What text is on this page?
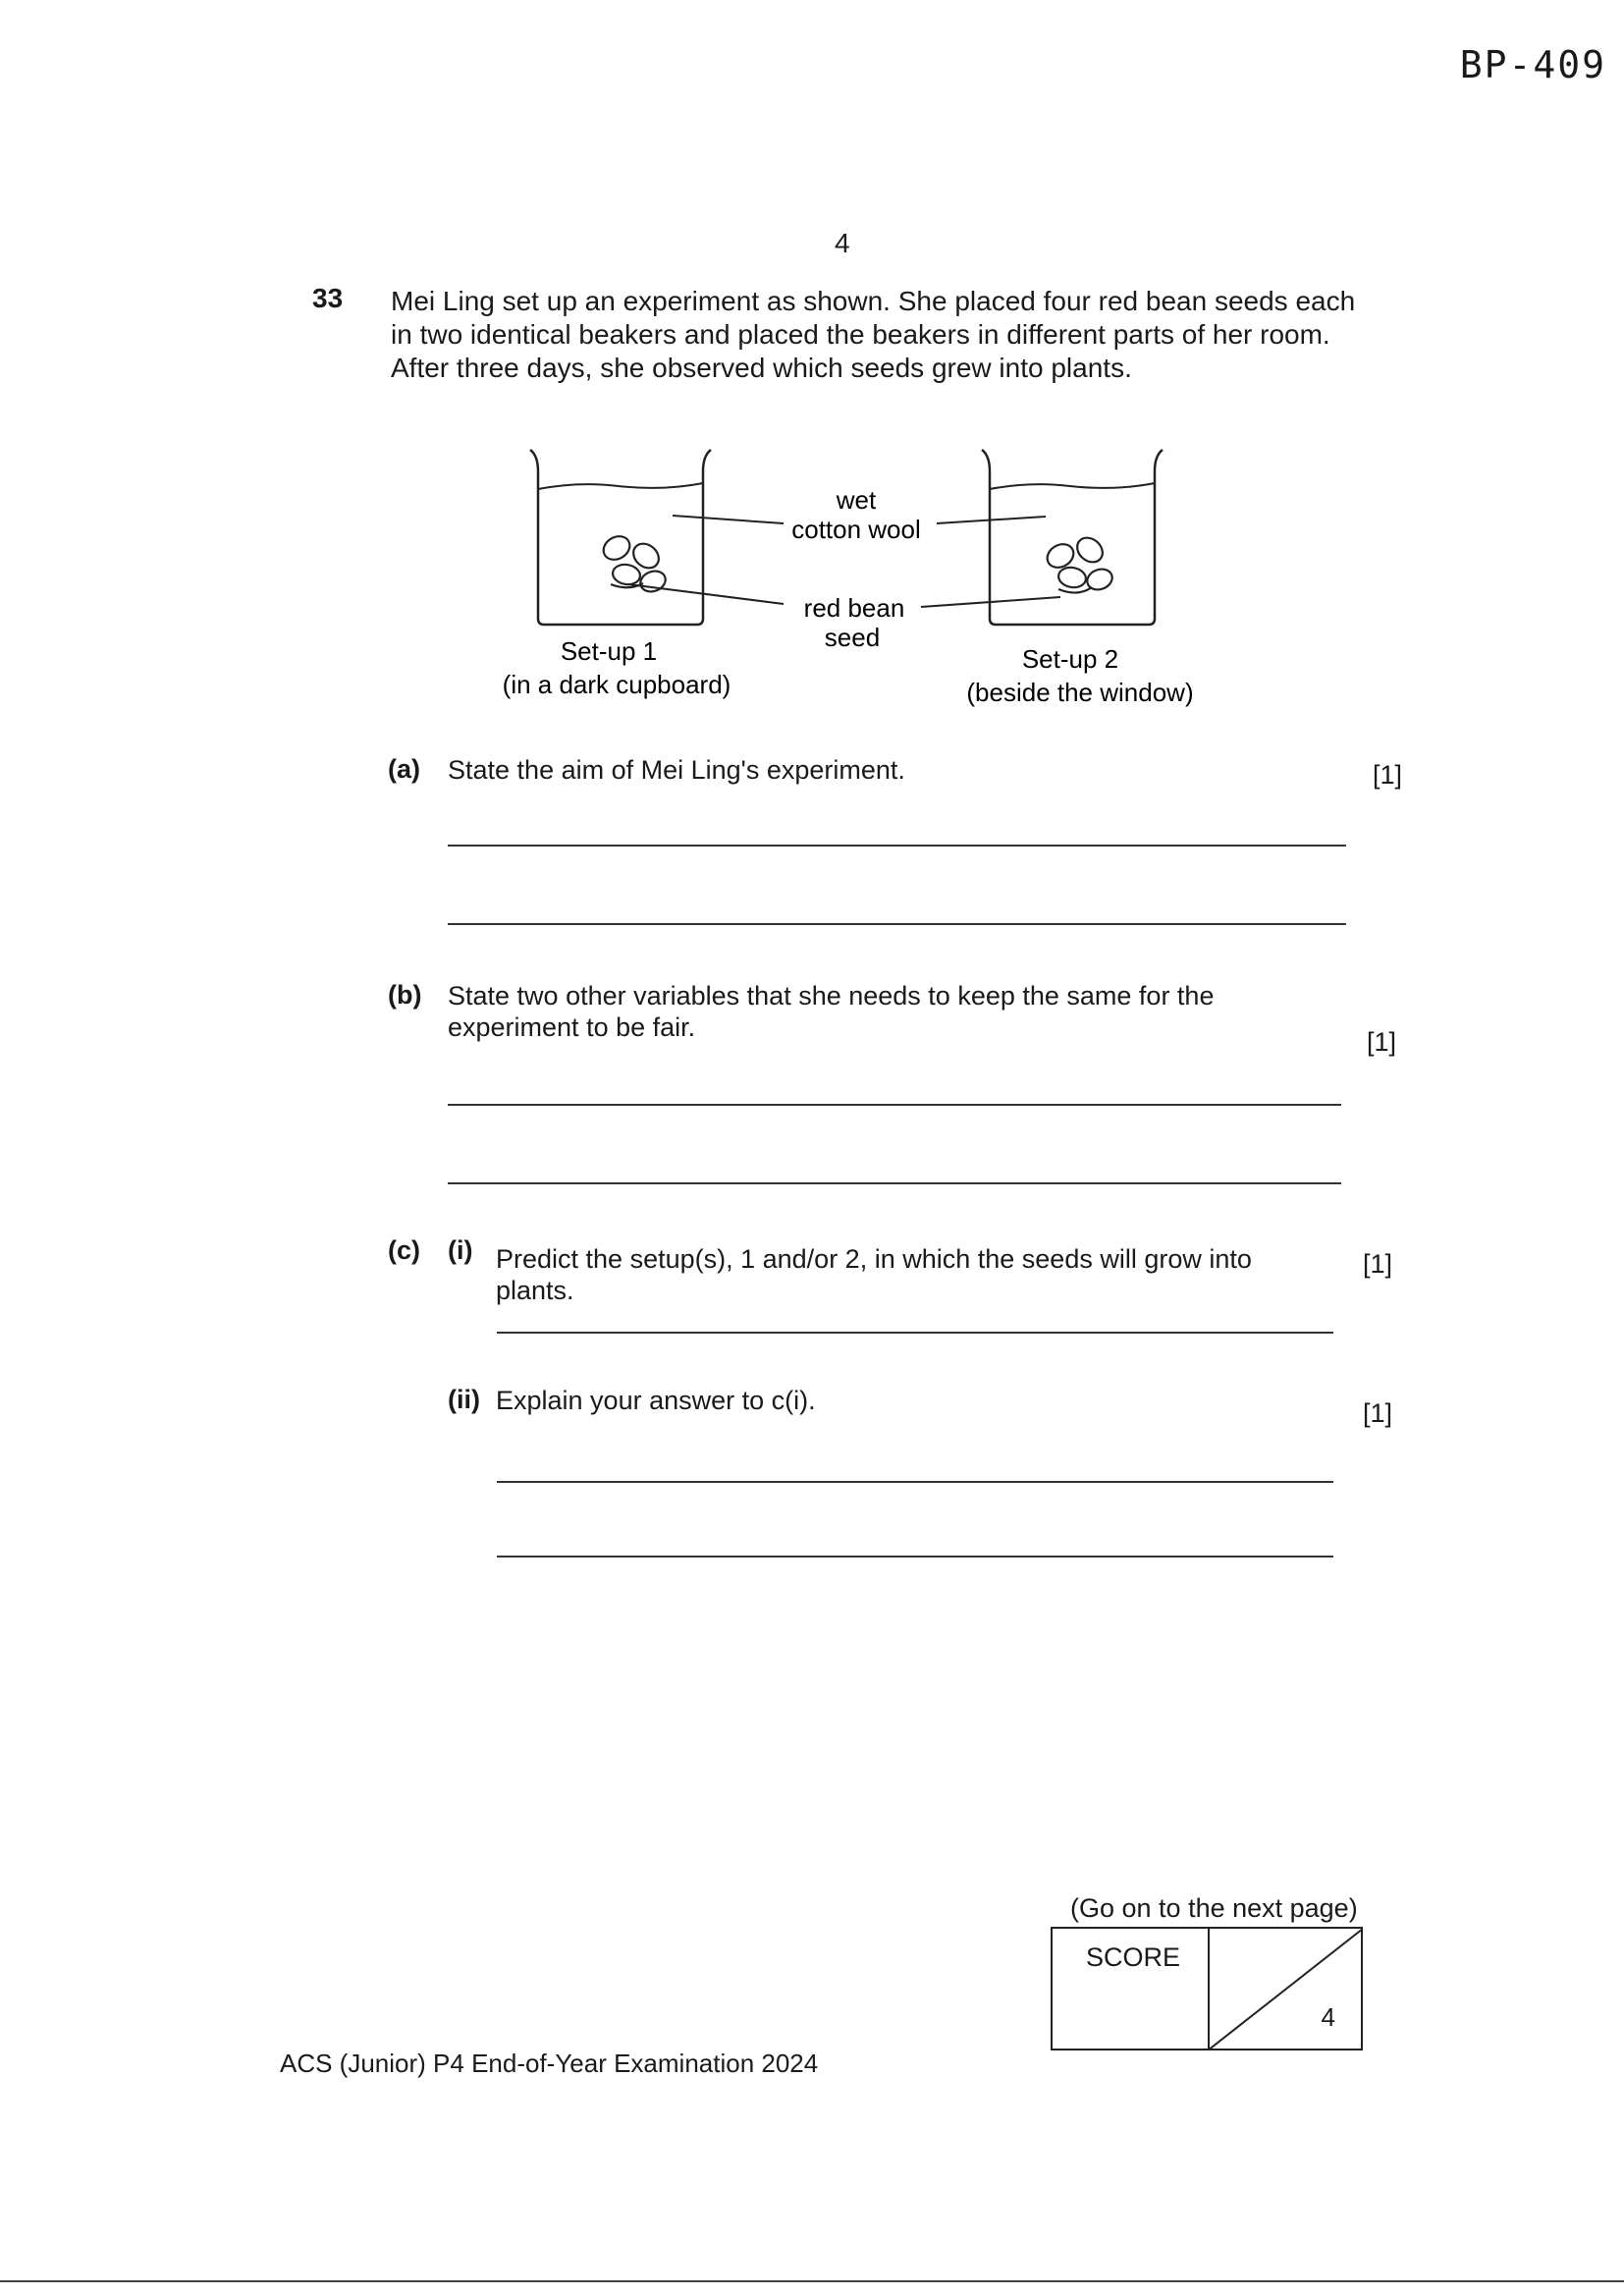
BP-409
4
33 Mei Ling set up an experiment as shown. She placed four red bean seeds each in two identical beakers and placed the beakers in different parts of her room. After three days, she observed which seeds grew into plants.
wet
cotton wool
red bean
seed
Set-up 1
(in a dark cupboard)
Set-up 2
(beside the window)
(a) State the aim of Mei Ling's experiment.	[1]
(b) State two other variables that she needs to keep the same for the experiment to be fair.	[1]
(c) (i) Predict the setup(s), 1 and/or 2, in which the seeds will grow into plants.
[1]
(ii) Explain your answer to c(i).	[1]
(Go on to the next page)
SCORE
4
ACS (Junior) P4 End-of-Year Examination 2024
